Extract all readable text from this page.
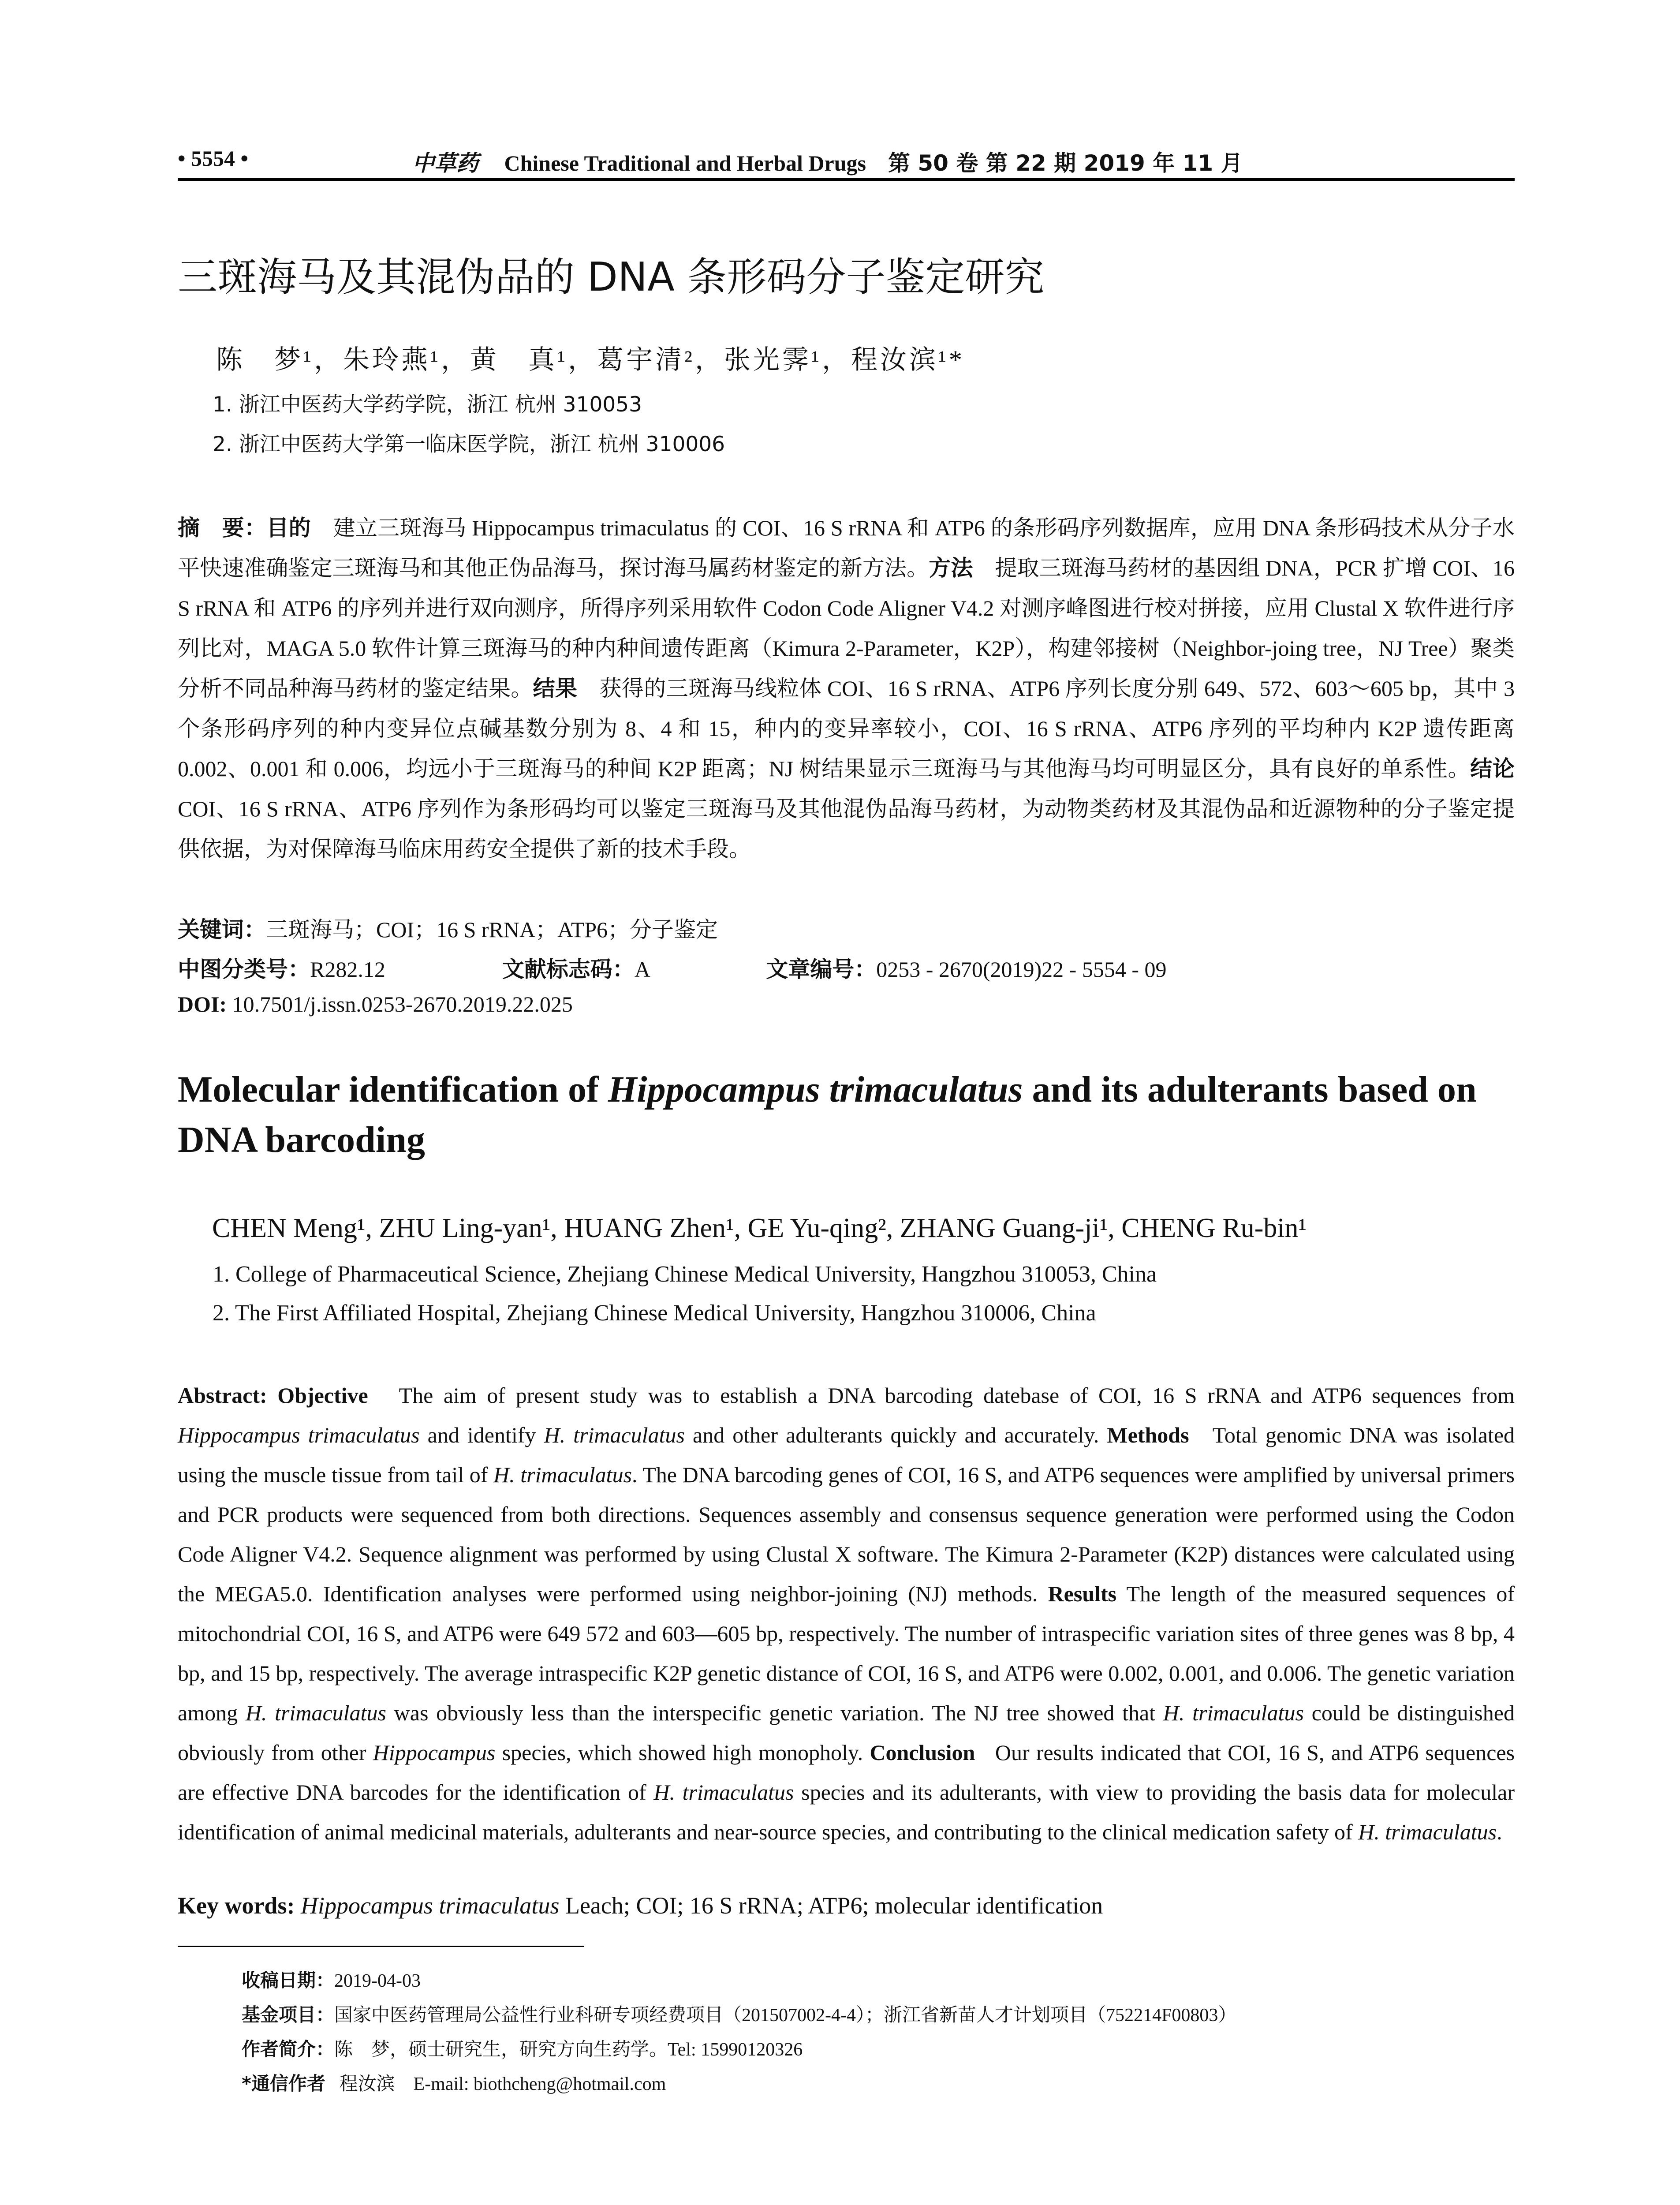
• 5554 •	中草药 Chinese Traditional and Herbal Drugs 第 50 卷 第 22 期 2019 年 11 月
三斑海马及其混伪品的 DNA 条形码分子鉴定研究
陈　梦¹，朱玲燕¹，黄　真¹，葛宇清²，张光霁¹，程汝滨¹*
1. 浙江中医药大学药学院，浙江 杭州 310053
2. 浙江中医药大学第一临床医学院，浙江 杭州 310006
摘　要：目的　 建立三斑海马 Hippocampus trimaculatus 的 COI、16 S rRNA 和 ATP6 的条形码序列数据库，应用 DNA 条形码技术从分子水平快速准确鉴定三斑海马和其他正伪品海马，探讨海马属药材鉴定的新方法。方法　 提取三斑海马药材的基因组 DNA，PCR 扩增 COI、16 S rRNA 和 ATP6 的序列并进行双向测序，所得序列采用软件 Codon Code Aligner V4.2 对测序峰图进行校对拼接，应用 Clustal X 软件进行序列比对，MAGA 5.0 软件计算三斑海马的种内种间遗传距离（Kimura 2-Parameter，K2P），构建邻接树（Neighbor-joing tree，NJ Tree）聚类分析不同品种海马药材的鉴定结果。结果　 获得的三斑海马线粒体 COI、16 S rRNA、ATP6 序列长度分别 649、572、603～605 bp，其中 3 个条形码序列的种内变异位点碱基数分别为 8、4 和 15，种内的变异率较小，COI、16 S rRNA、ATP6 序列的平均种内 K2P 遗传距离 0.002、0.001 和 0.006，均远小于三斑海马的种间 K2P 距离；NJ 树结果显示三斑海马与其他海马均可明显区分，具有良好的单系性。结论　COI、16 S rRNA、ATP6 序列作为条形码均可以鉴定三斑海马及其他混伪品海马药材，为动物类药材及其混伪品和近源物种的分子鉴定提供依据，为对保障海马临床用药安全提供了新的技术手段。
关键词：三斑海马；COI；16 S rRNA；ATP6；分子鉴定
中图分类号：R282.12	文献标志码：A	文章编号：0253 - 2670(2019)22 - 5554 - 09
DOI: 10.7501/j.issn.0253-2670.2019.22.025
Molecular identification of Hippocampus trimaculatus and its adulterants based on DNA barcoding
CHEN Meng¹, ZHU Ling-yan¹, HUANG Zhen¹, GE Yu-qing², ZHANG Guang-ji¹, CHENG Ru-bin¹
1. College of Pharmaceutical Science, Zhejiang Chinese Medical University, Hangzhou 310053, China
2. The First Affiliated Hospital, Zhejiang Chinese Medical University, Hangzhou 310006, China
Abstract: Objective The aim of present study was to establish a DNA barcoding datebase of COI, 16 S rRNA and ATP6 sequences from Hippocampus trimaculatus and identify H. trimaculatus and other adulterants quickly and accurately. Methods Total genomic DNA was isolated using the muscle tissue from tail of H. trimaculatus. The DNA barcoding genes of COI, 16 S, and ATP6 sequences were amplified by universal primers and PCR products were sequenced from both directions. Sequences assembly and consensus sequence generation were performed using the Codon Code Aligner V4.2. Sequence alignment was performed by using Clustal X software. The Kimura 2-Parameter (K2P) distances were calculated using the MEGA5.0. Identification analyses were performed using neighbor-joining (NJ) methods. Results The length of the measured sequences of mitochondrial COI, 16 S, and ATP6 were 649 572 and 603—605 bp, respectively. The number of intraspecific variation sites of three genes was 8 bp, 4 bp, and 15 bp, respectively. The average intraspecific K2P genetic distance of COI, 16 S, and ATP6 were 0.002, 0.001, and 0.006. The genetic variation among H. trimaculatus was obviously less than the interspecific genetic variation. The NJ tree showed that H. trimaculatus could be distinguished obviously from other Hippocampus species, which showed high monopholy. Conclusion Our results indicated that COI, 16 S, and ATP6 sequences are effective DNA barcodes for the identification of H. trimaculatus species and its adulterants, with view to providing the basis data for molecular identification of animal medicinal materials, adulterants and near-source species, and contributing to the clinical medication safety of H. trimaculatus.
Key words: Hippocampus trimaculatus Leach; COI; 16 S rRNA; ATP6; molecular identification
收稿日期：2019-04-03
基金项目：国家中医药管理局公益性行业科研专项经费项目（201507002-4-4）；浙江省新苗人才计划项目（752214F00803）
作者简介：陈　梦，硕士研究生，研究方向生药学。Tel: 15990120326
*通信作者 程汝滨　E-mail: biothcheng@hotmail.com
